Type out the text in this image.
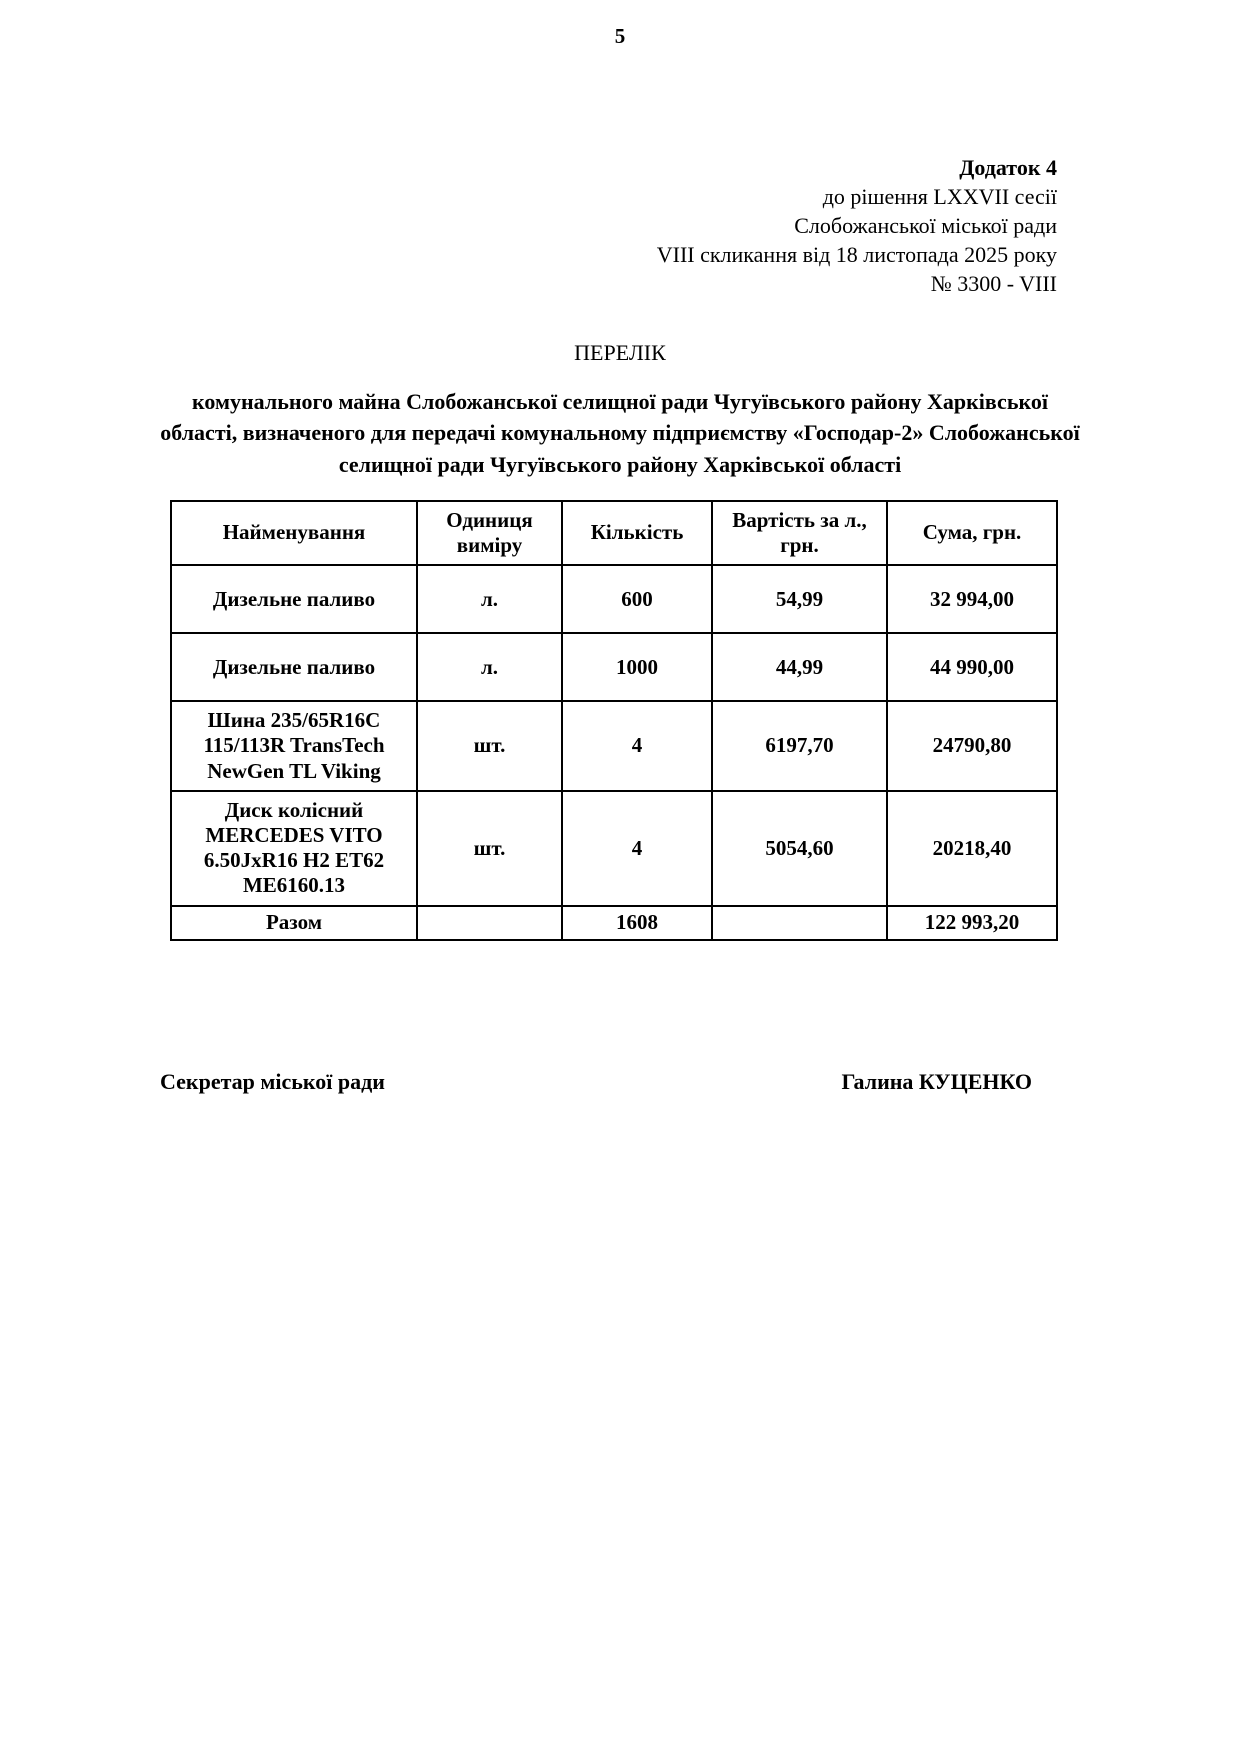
5
Додаток 4
до рішення LXXVII сесії
Слобожанської міської ради
VIII скликання від 18 листопада 2025 року
№ 3300 - VIII
ПЕРЕЛІК
комунального майна Слобожанської селищної ради Чугуївського району Харківської області, визначеного для передачі комунальному підприємству «Господар-2» Слобожанської селищної ради Чугуївського району Харківської області
Найменування	Одиниця виміру	Кількість	Вартість за л., грн.	Сума, грн.
Дизельне паливо	л.	600	54,99	32 994,00
Дизельне паливо	л.	1000	44,99	44 990,00
Шина 235/65R16C 115/113R TransTech NewGen TL Viking	шт.	4	6197,70	24790,80
Диск колісний MERCEDES VITO 6.50JxR16 H2 ET62 ME6160.13	шт.	4	5054,60	20218,40
Разом		1608		122 993,20
Секретар міської ради	Галина КУЦЕНКО
